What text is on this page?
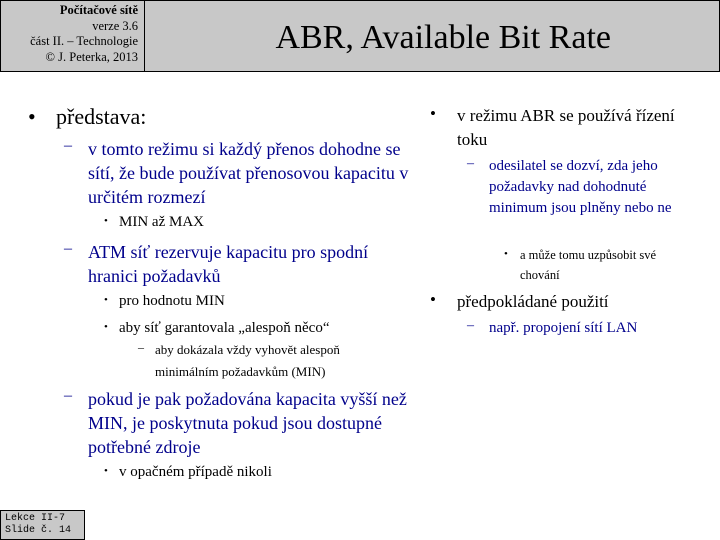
Počítačové sítě
verze 3.6
část II. – Technologie
© J. Peterka, 2013
ABR, Available Bit Rate
• představa:
– v tomto režimu si každý přenos dohodne se sítí, že bude používat přenosovou kapacitu v určitém rozmezí
• MIN až MAX
– ATM síť rezervuje kapacitu pro spodní hranici požadavků
• pro hodnotu MIN
• aby síť garantovala „alespoň něco“
– aby dokázala vždy vyhovět alespoň minimálním požadavkům (MIN)
– pokud je pak požadována kapacita vyšší než MIN, je poskytnuta pokud jsou dostupné potřebné zdroje
• v opačném případě nikoli
• v režimu ABR se používá řízení toku
– odesilatel se dozví, zda jeho požadavky nad dohodnuté minimum jsou plněny nebo ne
• a může tomu uzpůsobit své chování
• předpokládané použití
– např. propojení sítí LAN
Lekce II-7
Slide č. 14
